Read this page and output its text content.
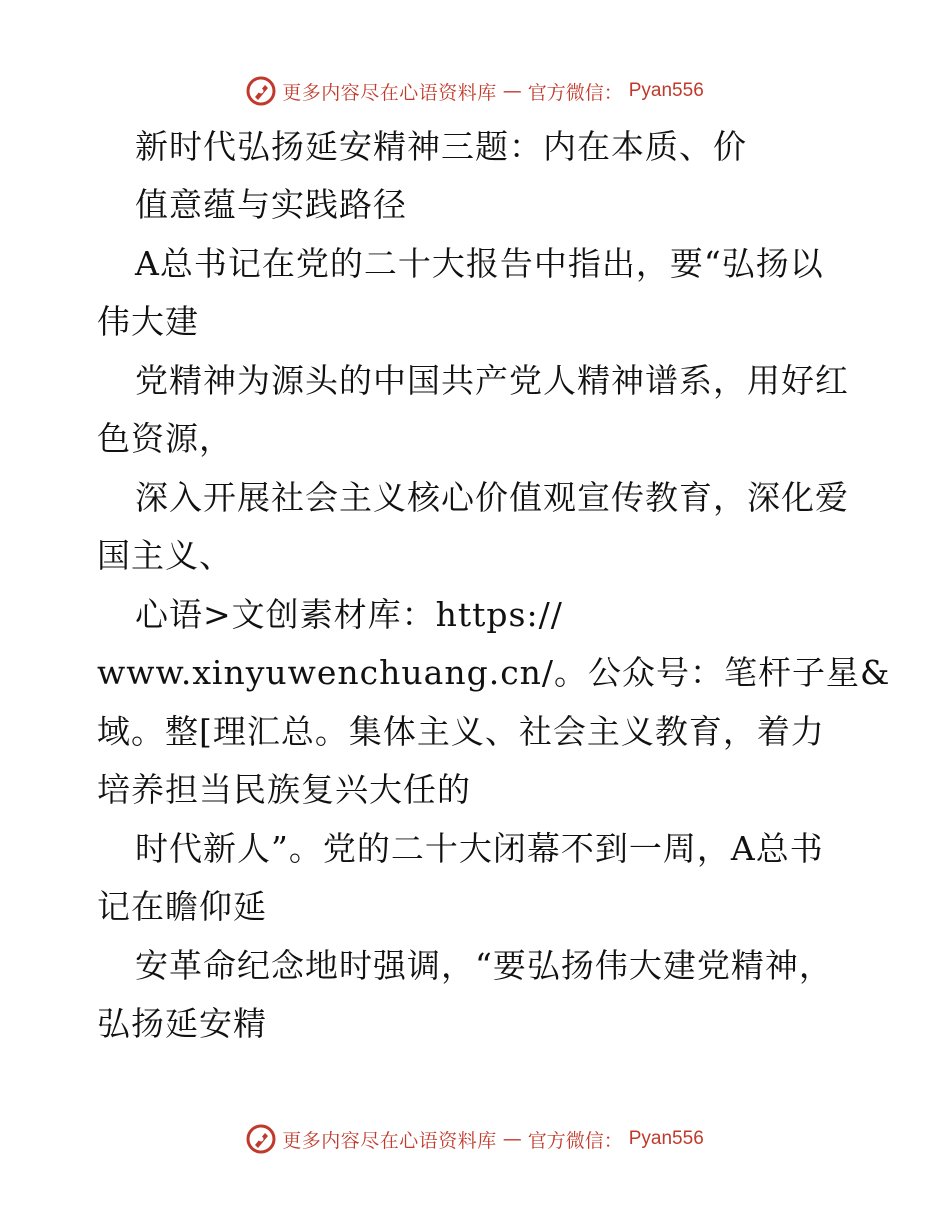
更多内容尽在心语资料库 — 官方微信： Pyan556
新时代弘扬延安精神三题：内在本质、价
值意蕴与实践路径
A总书记在党的二十大报告中指出，要“弘扬以
伟大建
党精神为源头的中国共产党人精神谱系，用好红
色资源，
深入开展社会主义核心价值观宣传教育，深化爱
国主义、
心语>文创素材库：https://
www.xinyuwenchuang.cn/。公众号：笔杆子星&
域。整[理汇总。集体主义、社会主义教育，着力
培养担当民族复兴大任的
时代新人”。党的二十大闭幕不到一周，A总书
记在瞻仰延
安革命纪念地时强调，“要弘扬伟大建党精神，
弘扬延安精
更多内容尽在心语资料库 — 官方微信： Pyan556
